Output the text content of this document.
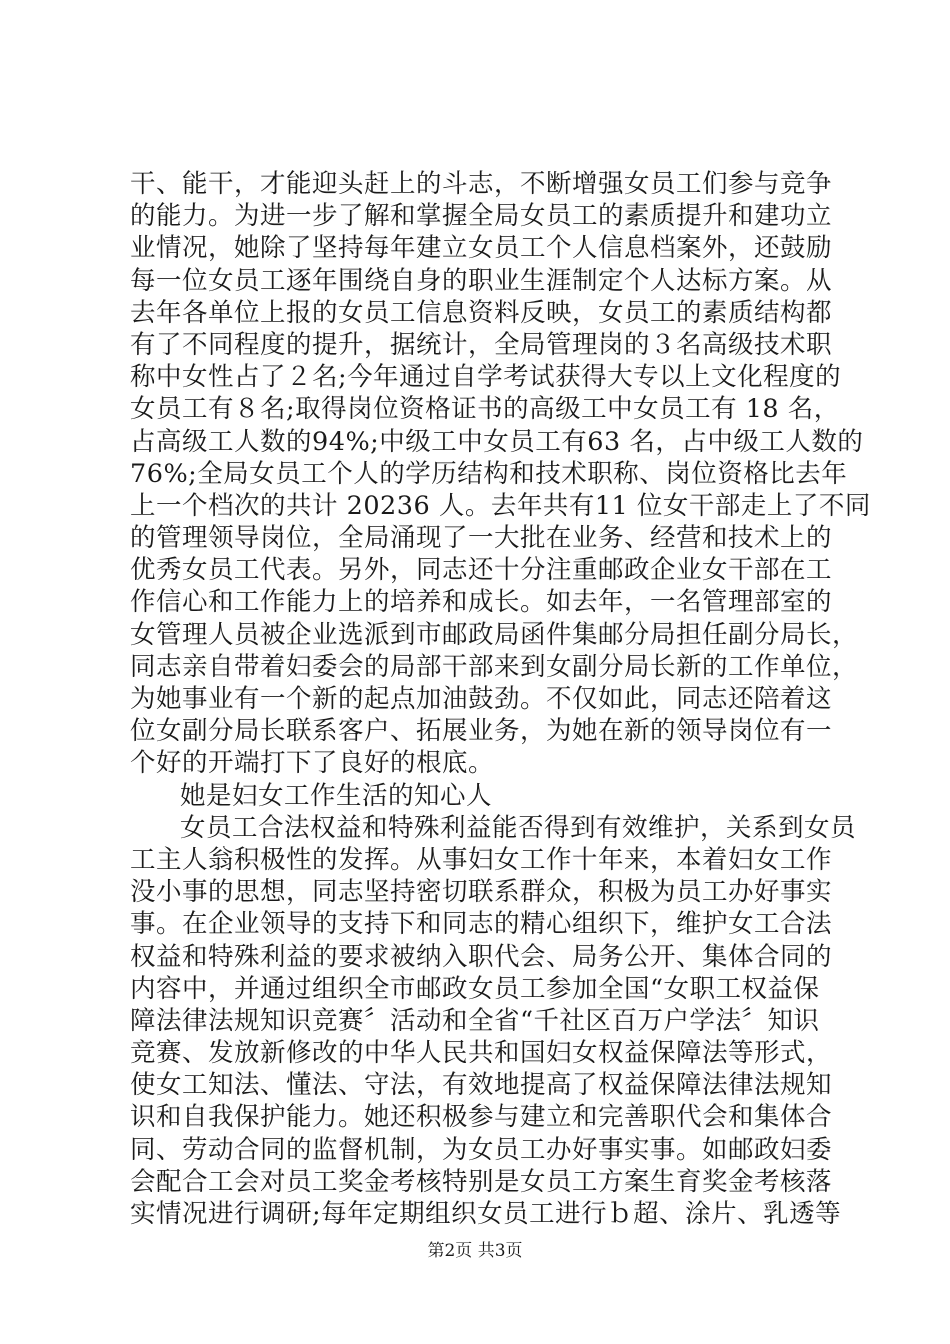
干、能干，才能迎头赶上的斗志，不断增强女员工们参与竞争
的能力。为进一步了解和掌握全局女员工的素质提升和建功立
业情况，她除了坚持每年建立女员工个人信息档案外，还鼓励
每一位女员工逐年围绕自身的职业生涯制定个人达标方案。从
去年各单位上报的女员工信息资料反映，女员工的素质结构都
有了不同程度的提升，据统计，全局管理岗的３名高级技术职
称中女性占了２名;今年通过自学考试获得大专以上文化程度的
女员工有８名;取得岗位资格证书的高级工中女员工有 18 名，
占高级工人数的94%;中级工中女员工有63 名，占中级工人数的
76%;全局女员工个人的学历结构和技术职称、岗位资格比去年
上一个档次的共计 20236 人。去年共有11 位女干部走上了不同
的管理领导岗位，全局涌现了一大批在业务、经营和技术上的
优秀女员工代表。另外，同志还十分注重邮政企业女干部在工
作信心和工作能力上的培养和成长。如去年，一名管理部室的
女管理人员被企业选派到市邮政局函件集邮分局担任副分局长，
同志亲自带着妇委会的局部干部来到女副分局长新的工作单位，
为她事业有一个新的起点加油鼓劲。不仅如此，同志还陪着这
位女副分局长联系客户、拓展业务，为她在新的领导岗位有一
个好的开端打下了良好的根底。
她是妇女工作生活的知心人
女员工合法权益和特殊利益能否得到有效维护，关系到女员
工主人翁积极性的发挥。从事妇女工作十年来，本着妇女工作
没小事的思想，同志坚持密切联系群众，积极为员工办好事实
事。在企业领导的支持下和同志的精心组织下，维护女工合法
权益和特殊利益的要求被纳入职代会、局务公开、集体合同的
内容中，并通过组织全市邮政女员工参加全国“女职工权益保
障法律法规知识竞赛〞活动和全省“千社区百万户学法〞知识
竞赛、发放新修改的中华人民共和国妇女权益保障法等形式，
使女工知法、懂法、守法，有效地提高了权益保障法律法规知
识和自我保护能力。她还积极参与建立和完善职代会和集体合
同、劳动合同的监督机制，为女员工办好事实事。如邮政妇委
会配合工会对员工奖金考核特别是女员工方案生育奖金考核落
实情况进行调研;每年定期组织女员工进行ｂ超、涂片、乳透等
第2页 共3页
